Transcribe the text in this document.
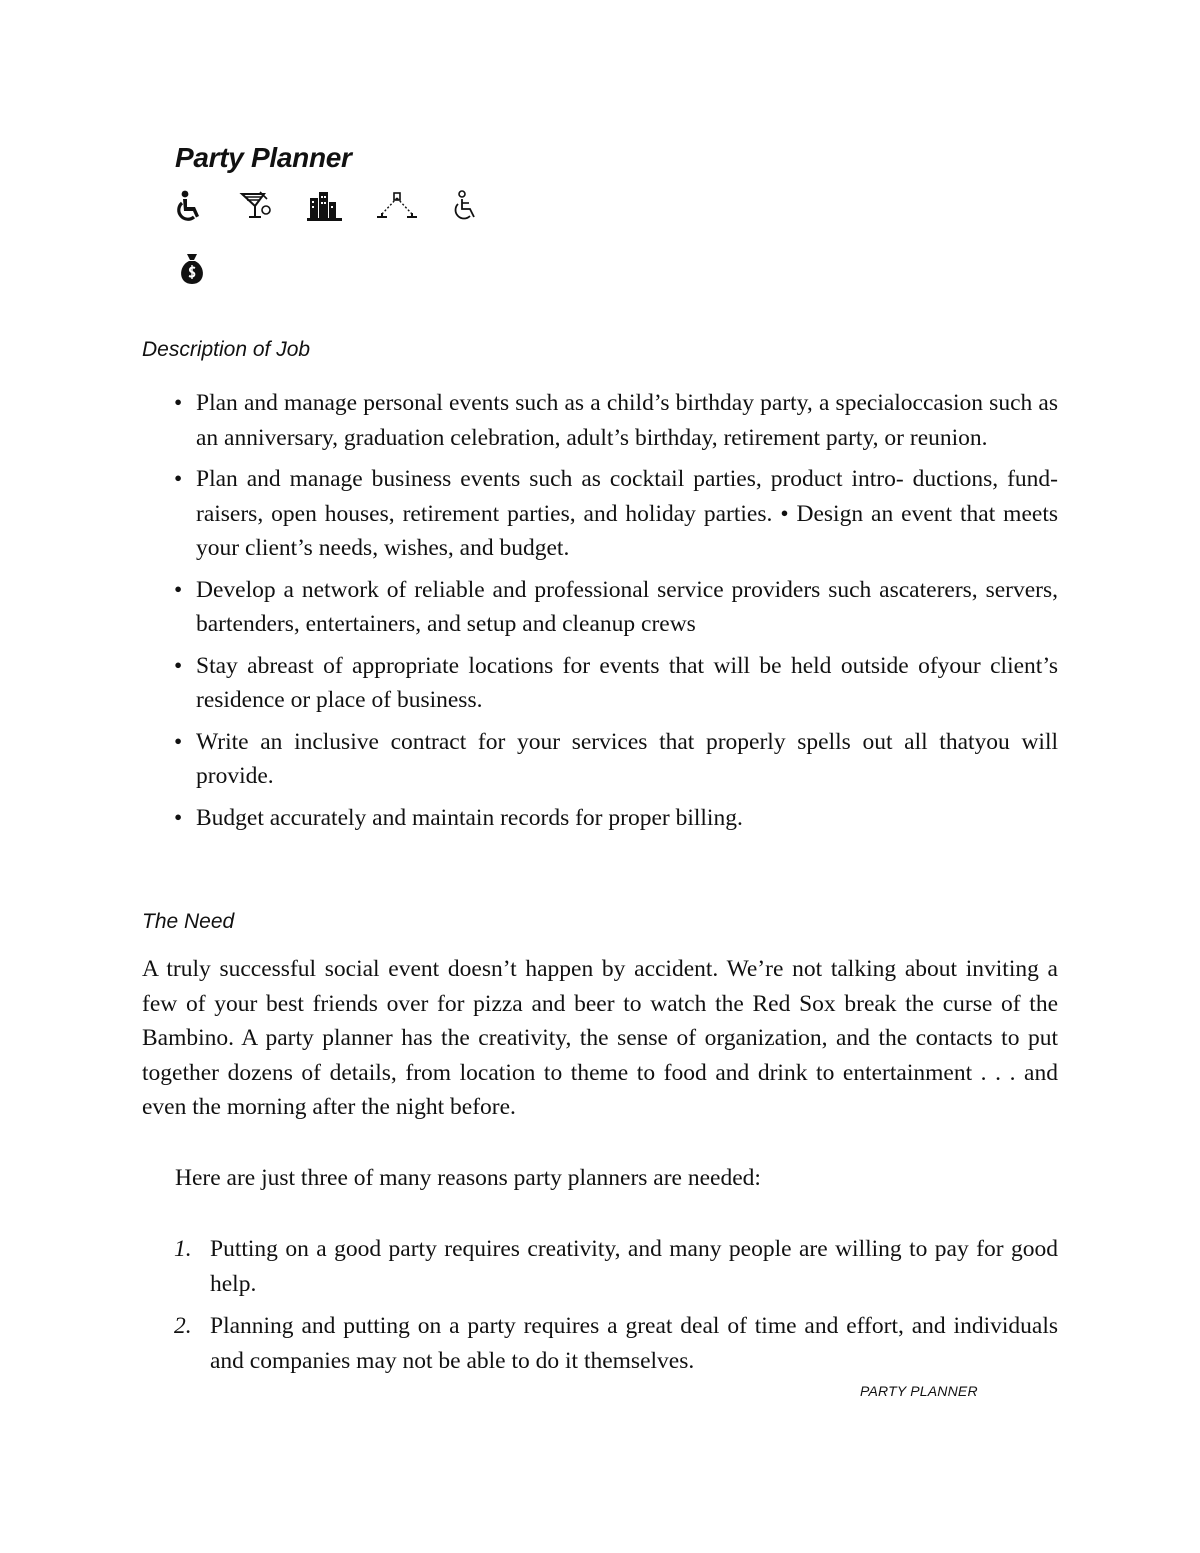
Party Planner
Description of Job
• Plan and manage personal events such as a child’s birthday party, a specialoccasion such as an anniversary, graduation celebration, adult’s birthday, retirement party, or reunion.
• Plan and manage business events such as cocktail parties, product intro- ductions, fund-raisers, open houses, retirement parties, and holiday parties. • Design an event that meets your client’s needs, wishes, and budget.
• Develop a network of reliable and professional service providers such ascaterers, servers, bartenders, entertainers, and setup and cleanup crews
• Stay abreast of appropriate locations for events that will be held outside ofyour client’s residence or place of business.
• Write an inclusive contract for your services that properly spells out all thatyou will provide.
• Budget accurately and maintain records for proper billing.
The Need

A truly successful social event doesn’t happen by accident. We’re not talking about inviting a few of your best friends over for pizza and beer to watch the Red Sox break the curse of the Bambino. A party planner has the creativity, the sense of organization, and the contacts to put together dozens of details, from location to theme to food and drink to entertainment . . . and even the morning after the night before.

Here are just three of many reasons party planners are needed:

1. Putting on a good party requires creativity, and many people are willing to pay for good help.
2. Planning and putting on a party requires a great deal of time and effort, and individuals and companies may not be able to do it themselves.
PARTY PLANNER
